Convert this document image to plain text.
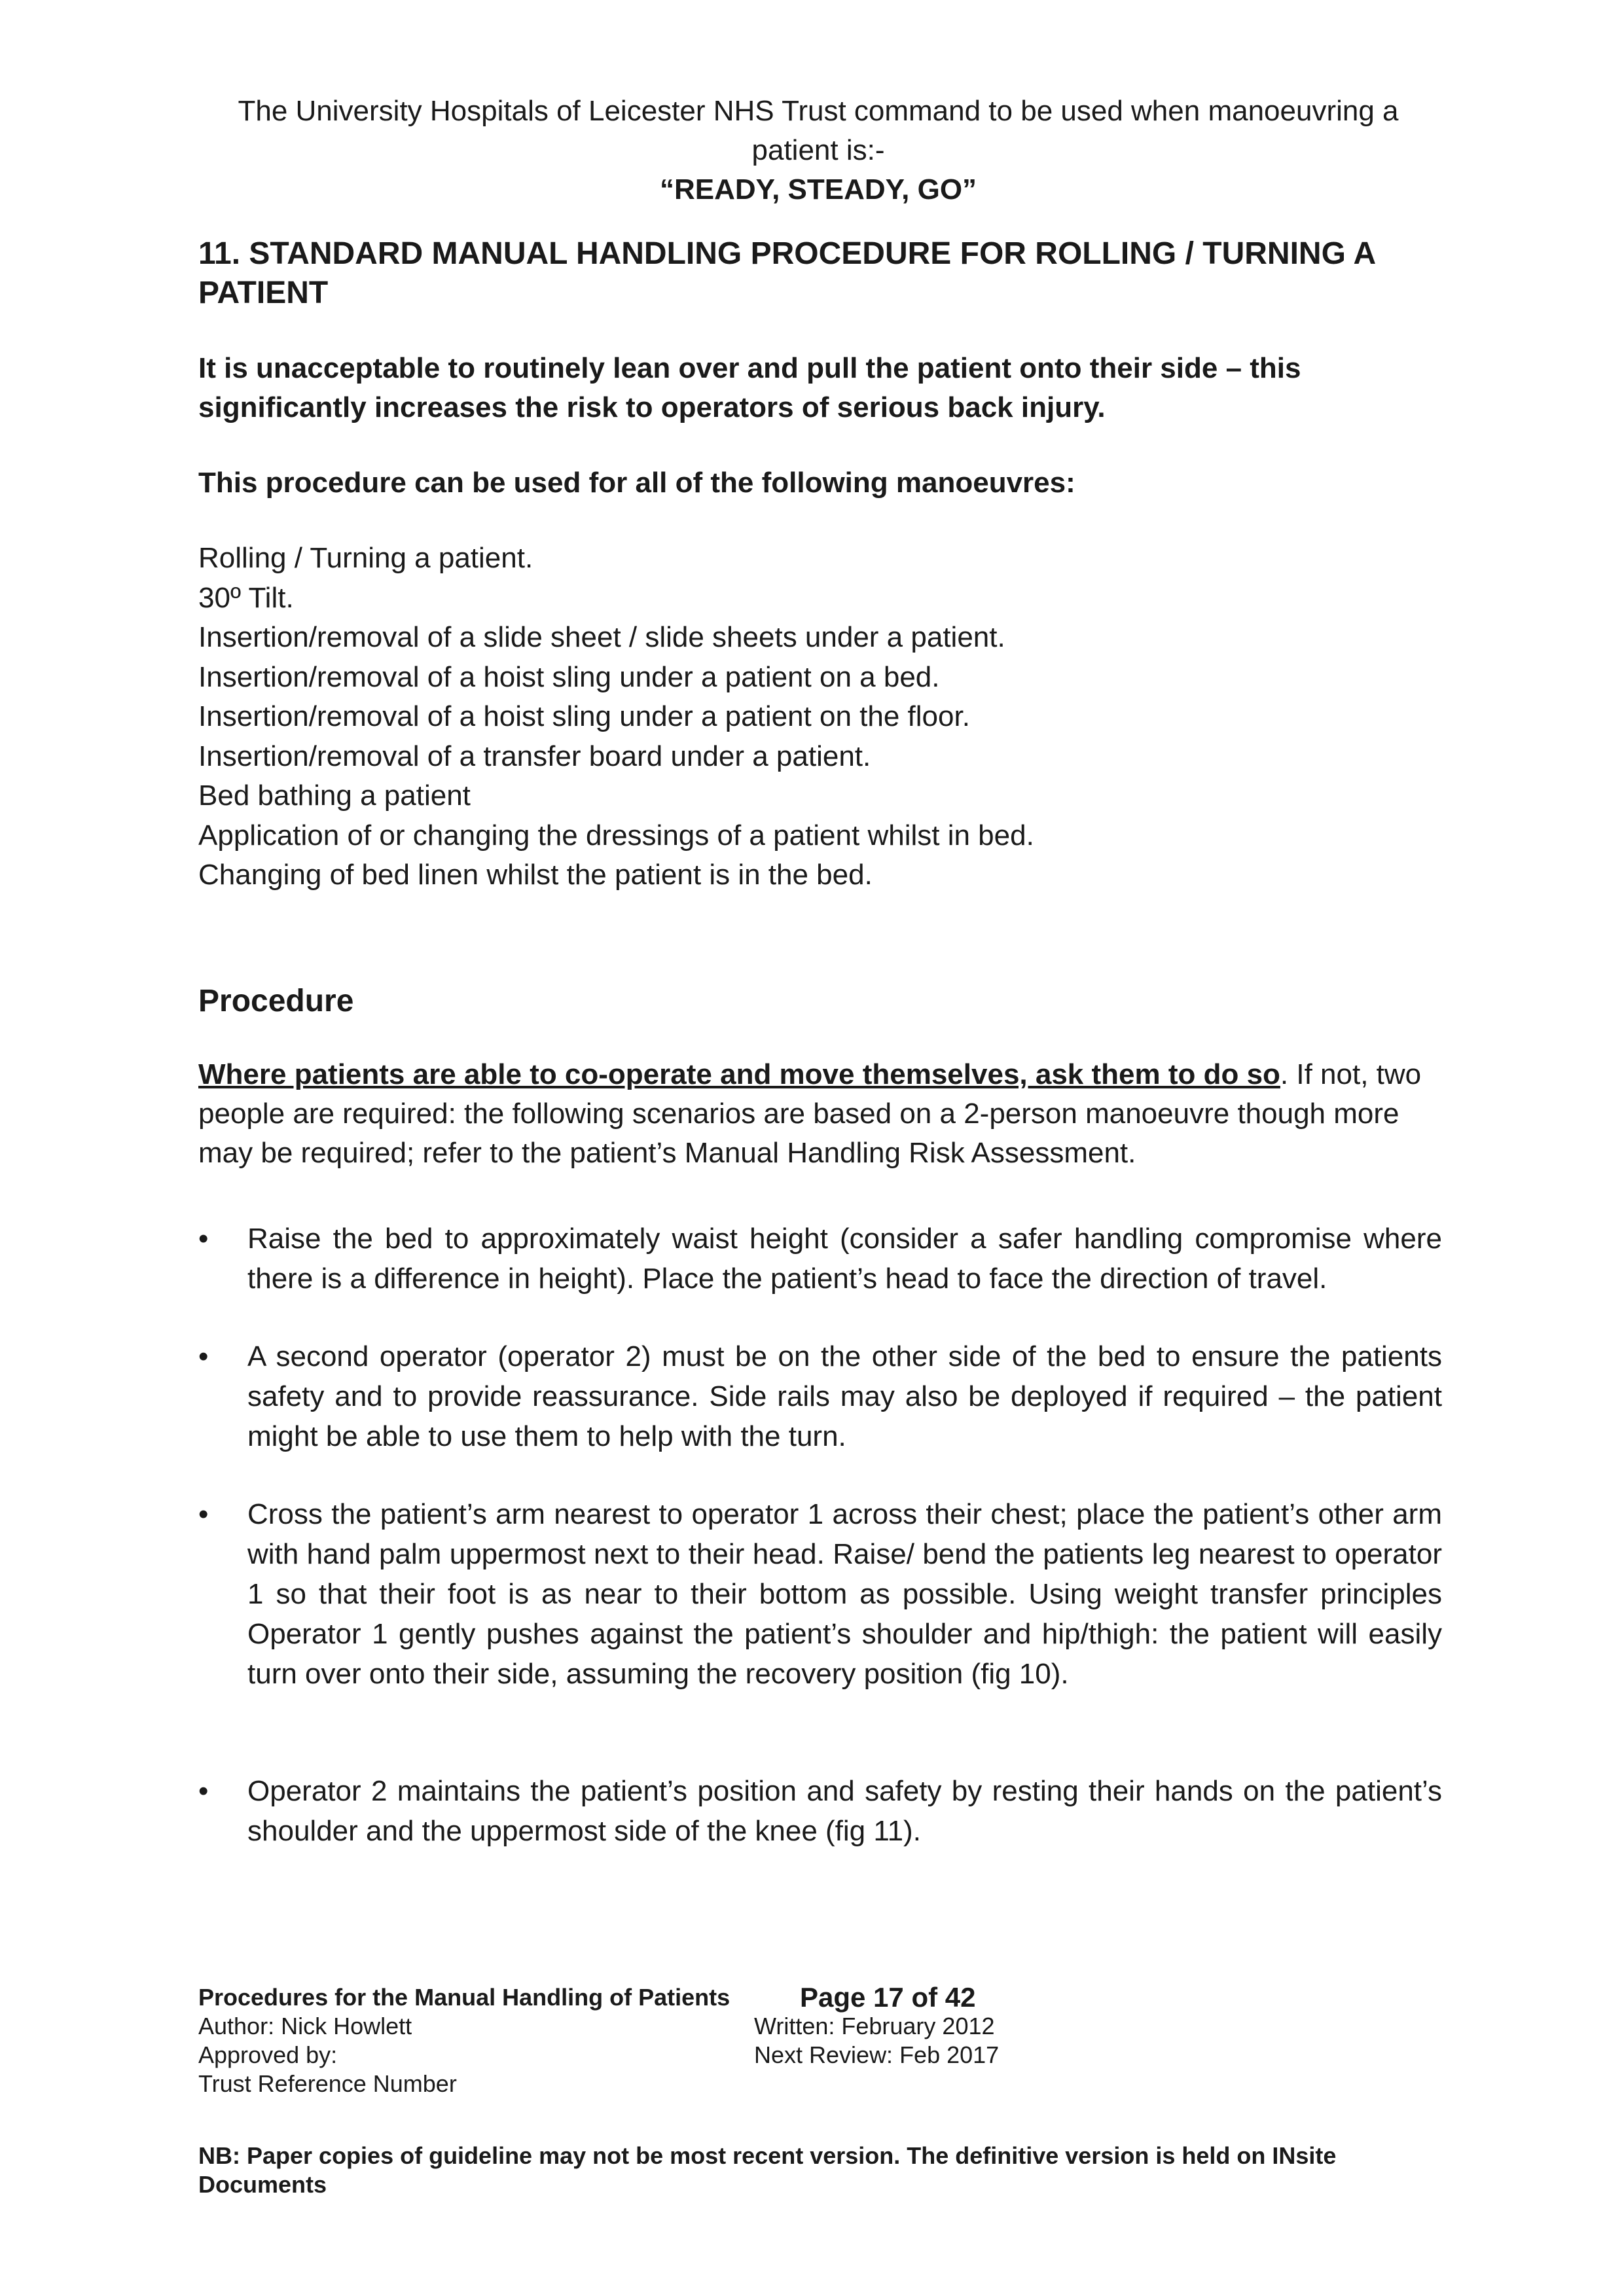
The University Hospitals of Leicester NHS Trust command to be used when manoeuvring a
patient is:-
“READY, STEADY, GO”
11. STANDARD MANUAL HANDLING PROCEDURE FOR ROLLING / TURNING A PATIENT
It is unacceptable to routinely lean over and pull the patient onto their side – this significantly increases the risk to operators of serious back injury.
This procedure can be used for all of the following manoeuvres:
Rolling / Turning a patient.
30º Tilt.
Insertion/removal of a slide sheet / slide sheets under a patient.
Insertion/removal of a hoist sling under a patient on a bed.
Insertion/removal of a hoist sling under a patient on the floor.
Insertion/removal of a transfer board under a patient.
Bed bathing a patient
Application of or changing the dressings of a patient whilst in bed.
Changing of bed linen whilst the patient is in the bed.
Procedure
Where patients are able to co-operate and move themselves, ask them to do so. If not, two people are required: the following scenarios are based on a 2-person manoeuvre though more may be required; refer to the patient’s Manual Handling Risk Assessment.
• Raise the bed to approximately waist height (consider a safer handling compromise where there is a difference in height). Place the patient’s head to face the direction of travel.
• A second operator (operator 2) must be on the other side of the bed to ensure the patients safety and to provide reassurance. Side rails may also be deployed if required – the patient might be able to use them to help with the turn.
• Cross the patient’s arm nearest to operator 1 across their chest; place the patient’s other arm with hand palm uppermost next to their head. Raise/ bend the patients leg nearest to operator 1 so that their foot is as near to their bottom as possible. Using weight transfer principles Operator 1 gently pushes against the patient’s shoulder and hip/thigh: the patient will easily turn over onto their side, assuming the recovery position (fig 10).
• Operator 2 maintains the patient’s position and safety by resting their hands on the patient’s shoulder and the uppermost side of the knee (fig 11).
Procedures for the Manual Handling of Patients
Author: Nick Howlett
Approved by:
Trust Reference Number
Page 17 of 42
Written: February 2012
Next Review: Feb 2017
NB: Paper copies of guideline may not be most recent version. The definitive version is held on INsite Documents
